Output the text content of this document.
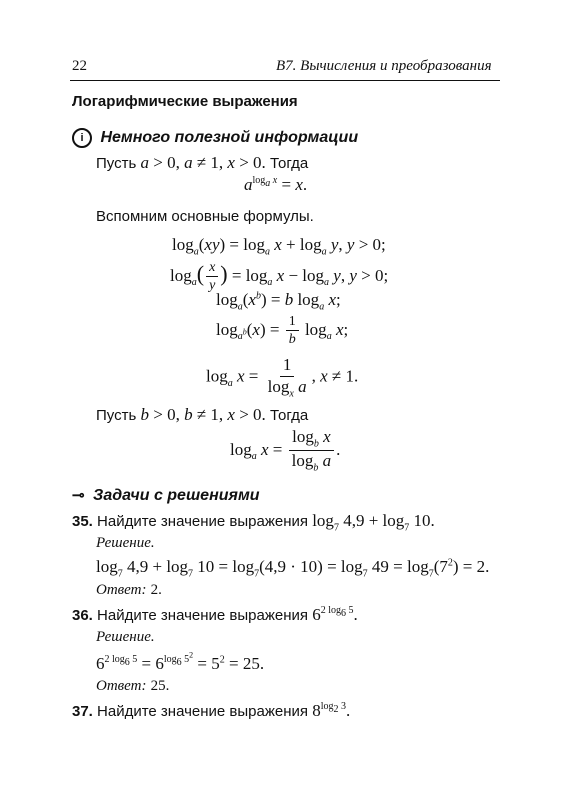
22	B7. Вычисления и преобразования
Логарифмические выражения
i Немного полезной информации
Пусть a > 0, a ≠ 1, x > 0. Тогда
$a^{log_a x} = x$.
Вспомним основные формулы.
$\log_a(xy) = \log_a x + \log_a y$, y > 0;
$\log_a( \frac{x}{y}$ ) = $\log_a x - \log_a y$, y > 0;
$\log_a(x^b) = b$ $\log_a x$;
$\log_{a^b}(x) = \frac{1}{b} \log_a x$;
$\log_a x = \frac{1}{\log_x a}$ , x ≠ 1.
Пусть b > 0, b ≠ 1, x > 0. Тогда
$\log_a x = \frac{\log_b x}{\log_b a}$ .
⊸ Задачи с решениями
35. Найдите значение выражения $\log_7 4,9 + \log_7 10$.
Решение.
$\log_7 4,9 + \log_7 10 = \log_7(4,9 \cdot 10) = \log_7 49 = \log_7(7^2) = 2$.
Ответ: 2.
36. Найдите значение выражения $6^{2 log_6 5}$.
Решение.
$6^{2 log_6 5} = 6^{log_6 5^2} = 5^2 = 25$.
Ответ: 25.
37. Найдите значение выражения $8^{log_2 3}$.
